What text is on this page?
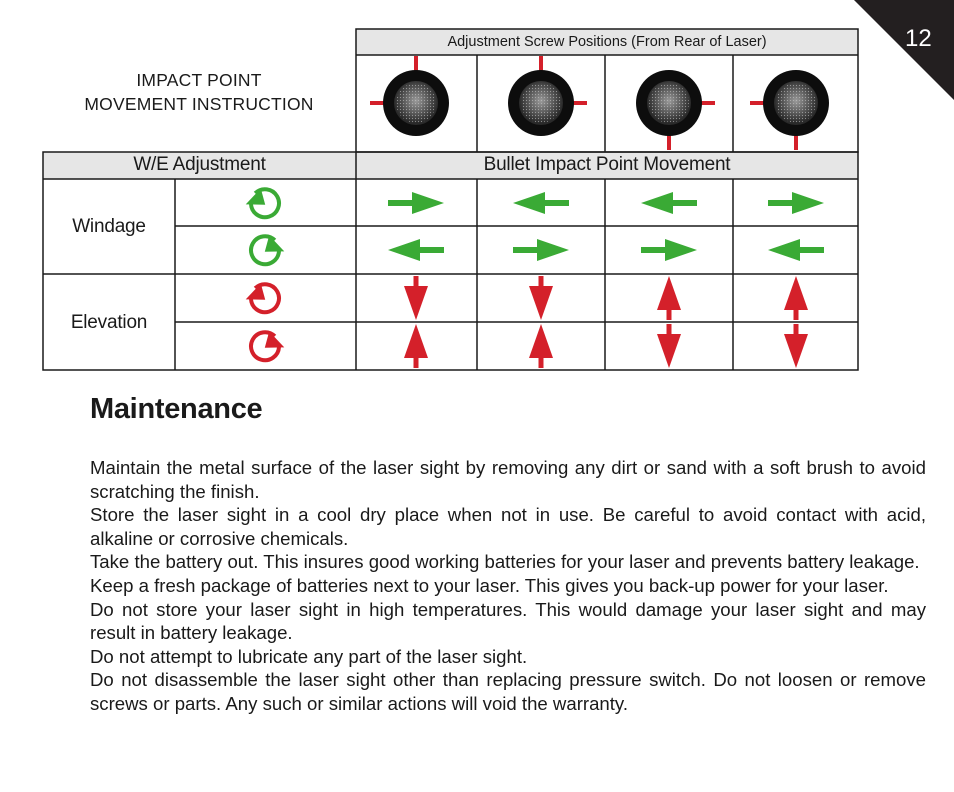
12
IMPACT POINT
MOVEMENT INSTRUCTION
Adjustment Screw Positions (From Rear of Laser)
W/E Adjustment	Bullet Impact Point Movement
Windage
Elevation
Maintenance

Maintain the metal surface of the laser sight by removing any dirt or sand with a soft brush to avoid scratching the finish.

Store the laser sight in a cool dry place when not in use. Be careful to avoid contact with acid, alkaline or corrosive chemicals.

Take the battery out. This insures good working batteries for your laser and prevents battery leakage.

Keep a fresh package of batteries next to your laser. This gives you back-up power for your laser.

Do not store your laser sight in high temperatures. This would damage your laser sight and may result in battery leakage.

Do not attempt to lubricate any part of the laser sight.

Do not disassemble the laser sight other than replacing pressure switch. Do not loosen or remove screws or parts. Any such or similar actions will void the warranty.
